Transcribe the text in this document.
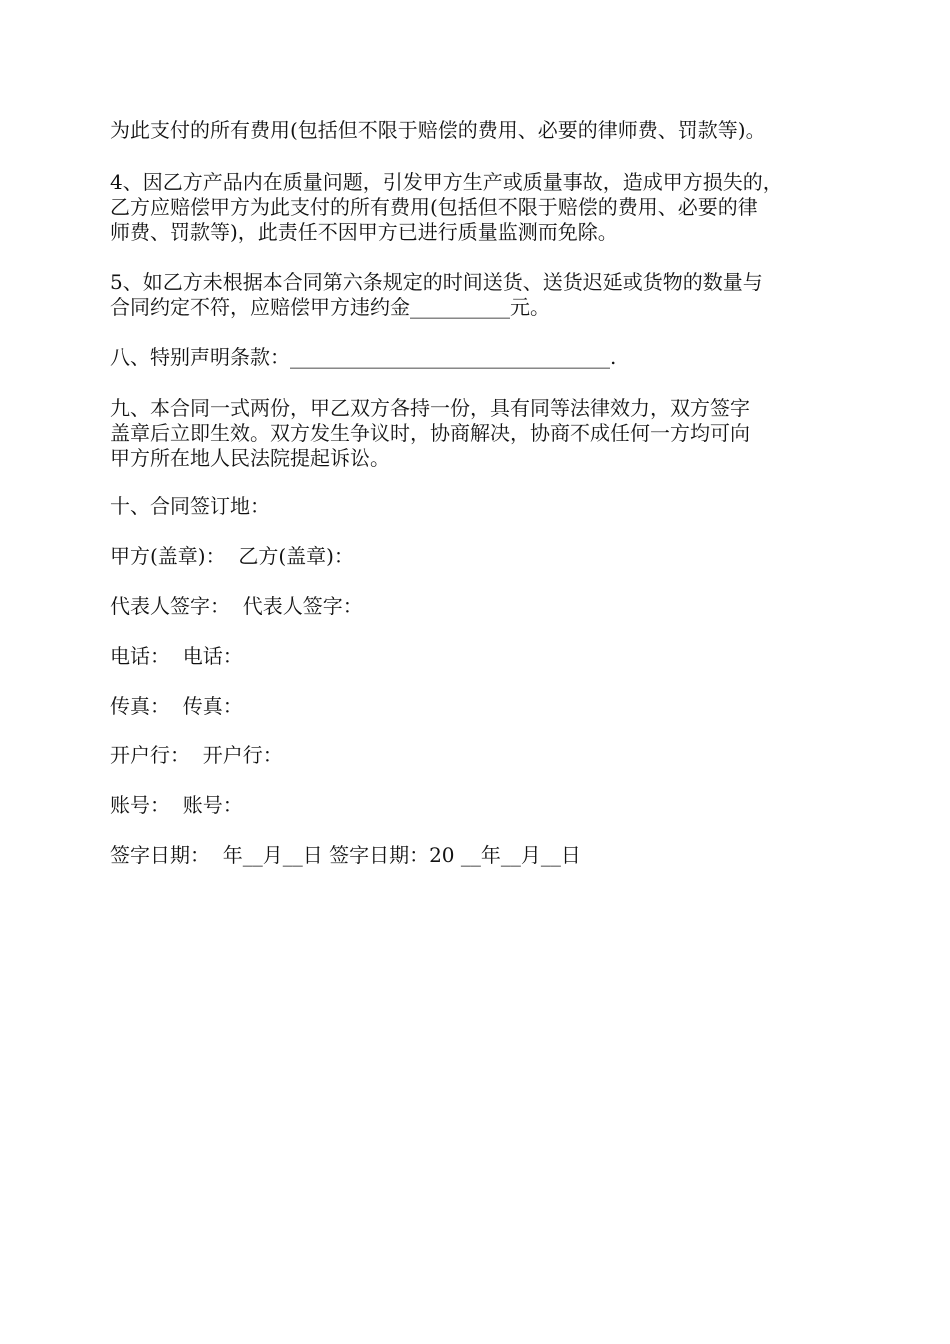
为此支付的所有费用(包括但不限于赔偿的费用、必要的律师费、罚款等)。
4、因乙方产品内在质量问题，引发甲方生产或质量事故，造成甲方损失的，
乙方应赔偿甲方为此支付的所有费用(包括但不限于赔偿的费用、必要的律
师费、罚款等)，此责任不因甲方已进行质量监测而免除。
5、如乙方未根据本合同第六条规定的时间送货、送货迟延或货物的数量与
合同约定不符，应赔偿甲方违约金__________元。
八、特别声明条款：________________________________.
九、本合同一式两份，甲乙双方各持一份，具有同等法律效力，双方签字
盖章后立即生效。双方发生争议时，协商解决，协商不成任何一方均可向
甲方所在地人民法院提起诉讼。
十、合同签订地：
甲方(盖章)：  乙方(盖章)：
代表人签字：  代表人签字：
电话：  电话：
传真：  传真：
开户行：  开户行：
账号：  账号：
签字日期：  年__月__日 签字日期：20 __年__月__日
